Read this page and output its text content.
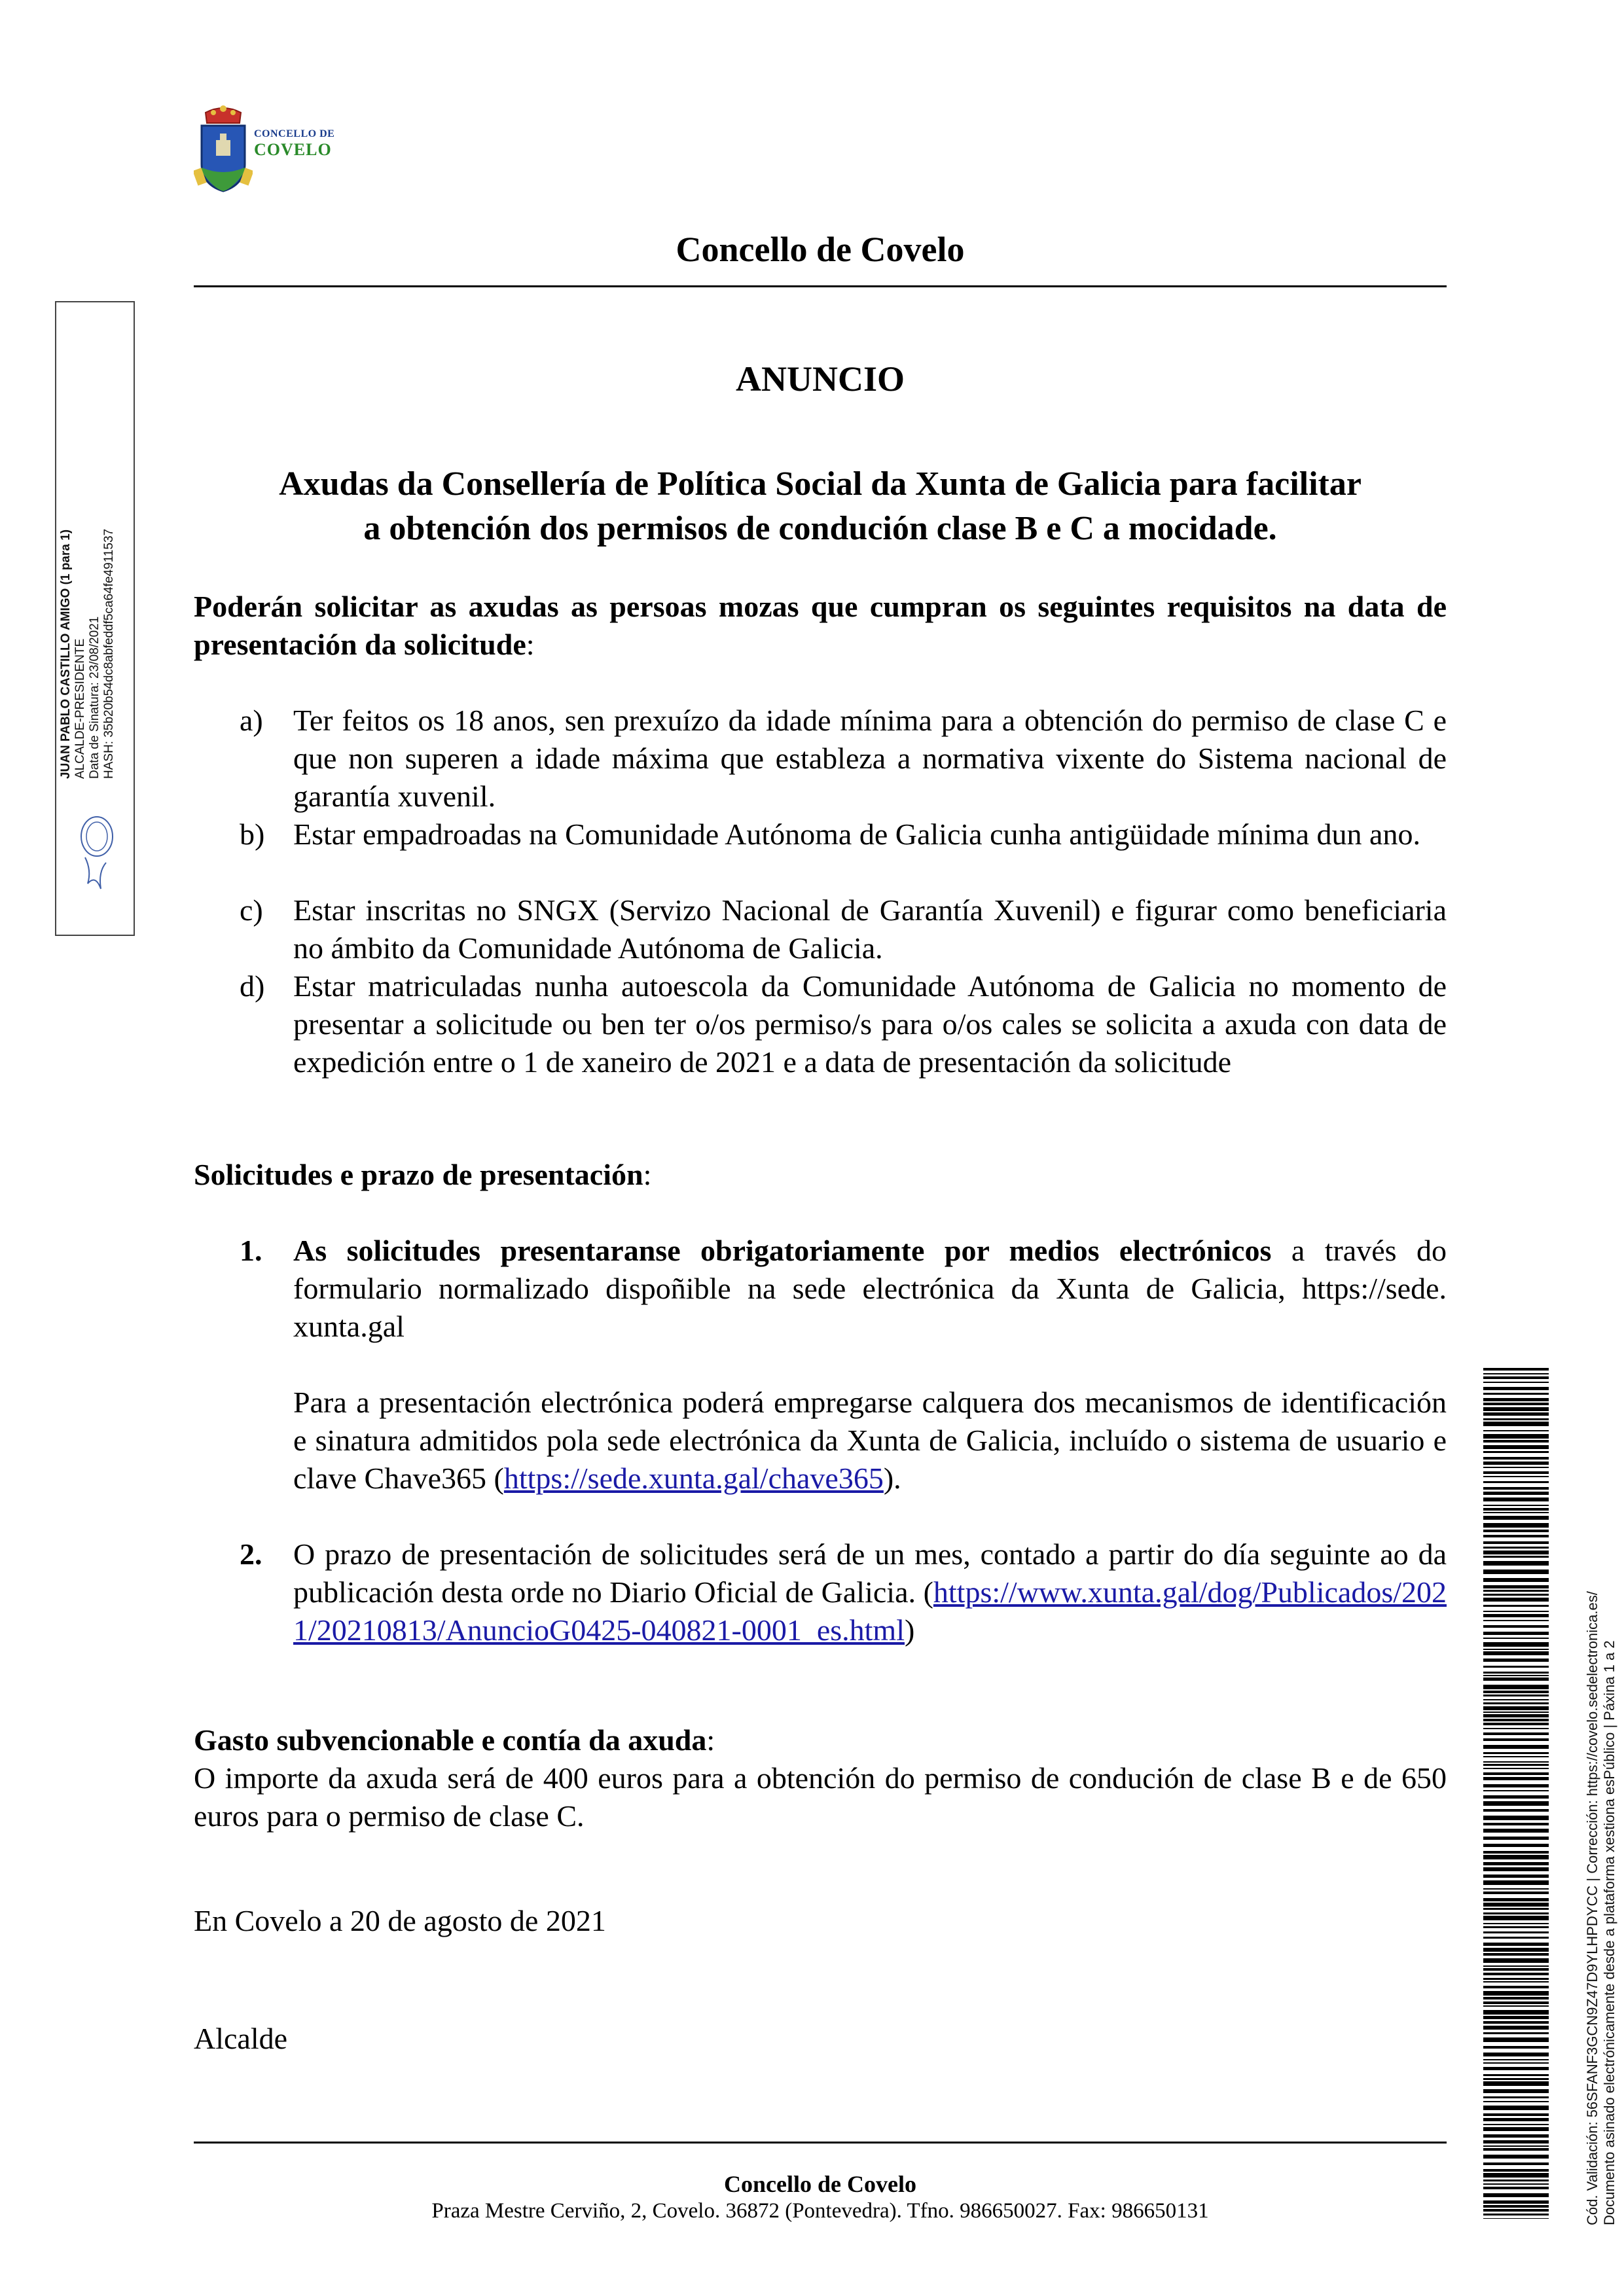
CONCELLO DE
COVELO
Concello de Covelo
JUAN PABLO CASTILLO AMIGO (1 para 1) ALCALDE-PRESIDENTE Data de Sinatura: 23/08/2021 HASH: 35b20b54dc8abfeddf5ca64fe4911537
ANUNCIO
Axudas da Consellería de Política Social da Xunta de Galicia para facilitar
a obtención dos permisos de condución clase B e C a mocidade.
Poderán solicitar as axudas as persoas mozas que cumpran os seguintes requisitos na data de presentación da solicitude:
a)	Ter feitos os 18 anos, sen prexuízo da idade mínima para a obtención do permiso de clase C e que non superen a idade máxima que estableza a normativa vixente do Sistema nacional de garantía xuvenil.
b) Estar empadroadas na Comunidade Autónoma de Galicia cunha antigüidade mínima dun ano.
c)	Estar inscritas no SNGX (Servizo Nacional de Garantía Xuvenil) e figurar como beneficiaria no ámbito da Comunidade Autónoma de Galicia.
d) Estar matriculadas nunha autoescola da Comunidade Autónoma de Galicia no momento de presentar a solicitude ou ben ter o/os permiso/s para o/os cales se solicita a axuda con data de expedición entre o 1 de xaneiro de 2021 e a data de presentación da solicitude
Solicitudes e prazo de presentación:
1.	As solicitudes presentaranse obrigatoriamente por medios electrónicos a través do formulario normalizado dispoñible na sede electrónica da Xunta de Galicia, https://sede. xunta.gal
Para a presentación electrónica poderá empregarse calquera dos mecanismos de identificación e sinatura admitidos pola sede electrónica da Xunta de Galicia, incluído o sistema de usuario e clave Chave365 (https://sede.xunta.gal/chave365).
2.	O prazo de presentación de solicitudes será de un mes, contado a partir do día seguinte ao da publicación desta orde no Diario Oficial de Galicia. (https://www.xunta.gal/dog/Publicados/2021/20210813/AnuncioG0425-040821-0001_es.html)
Gasto subvencionable e contía da axuda:
O importe da axuda será de 400 euros para a obtención do permiso de condución de clase B e de 650 euros para o permiso de clase C.
En Covelo a 20 de agosto de 2021
Alcalde
Concello de Covelo
Praza Mestre Cerviño, 2, Covelo. 36872 (Pontevedra). Tfno. 986650027. Fax: 986650131	Cód. Validación: 56SFANF3GCN9Z47D9YLHPDYCC | Corrección: https://covelo.sedelectronica.es/ Documento asinado electrónicamente desde a plataforma xestiona esPúblico | Páxina 1 a 2
